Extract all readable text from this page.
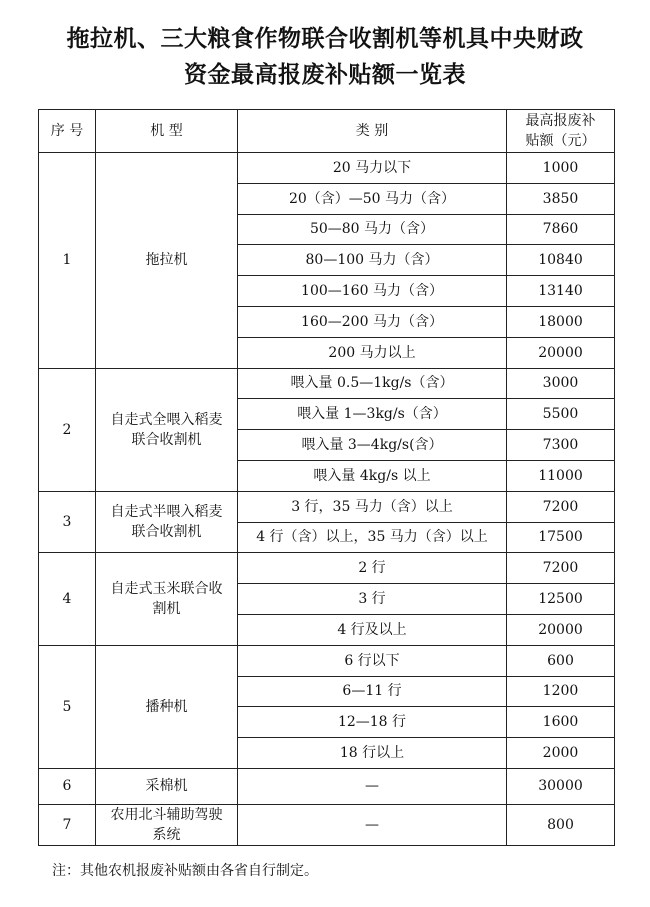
拖拉机、三大粮食作物联合收割机等机具中央财政
资金最高报废补贴额一览表
序 号	机 型	类 别	最高报废补贴额（元）
1	拖拉机	20 马力以下	1000
		20（含）—50 马力（含）	3850
		50—80 马力（含）	7860
		80—100 马力（含）	10840
		100—160 马力（含）	13140
		160—200 马力（含）	18000
		200 马力以上	20000
2	自走式全喂入稻麦联合收割机	喂入量 0.5—1kg/s（含）	3000
		喂入量 1—3kg/s（含）	5500
		喂入量 3—4kg/s(含）	7300
		喂入量 4kg/s 以上	11000
3	自走式半喂入稻麦联合收割机	3 行，35 马力（含）以上	7200
		4 行（含）以上，35 马力（含）以上	17500
4	自走式玉米联合收割机	2 行	7200
		3 行	12500
		4 行及以上	20000
5	播种机	6 行以下	600
		6—11 行	1200
		12—18 行	1600
		18 行以上	2000
6	采棉机	—	30000
7	农用北斗辅助驾驶系统	—	800
注：其他农机报废补贴额由各省自行制定。
